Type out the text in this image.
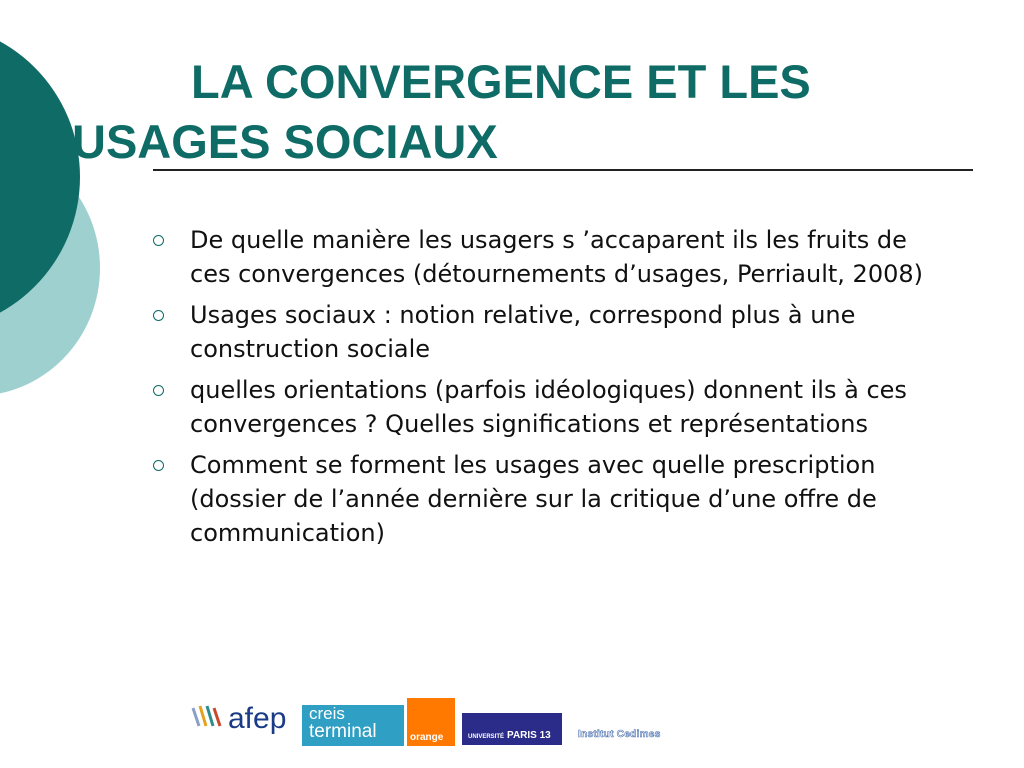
LA CONVERGENCE ET LES
USAGES SOCIAUX
De quelle manière les usagers s ’accaparent ils les fruits de ces convergences (détournements d’usages, Perriault, 2008)
Usages sociaux : notion relative, correspond plus à une construction sociale
quelles orientations (parfois idéologiques) donnent ils à ces convergences ? Quelles significations et représentations
Comment se forment les usages avec quelle prescription (dossier de l’année dernière sur la critique d’une offre de communication)
afep creis
terminal	orange	UNIVERSITÉ PARIS 13	Institut Cedimes
